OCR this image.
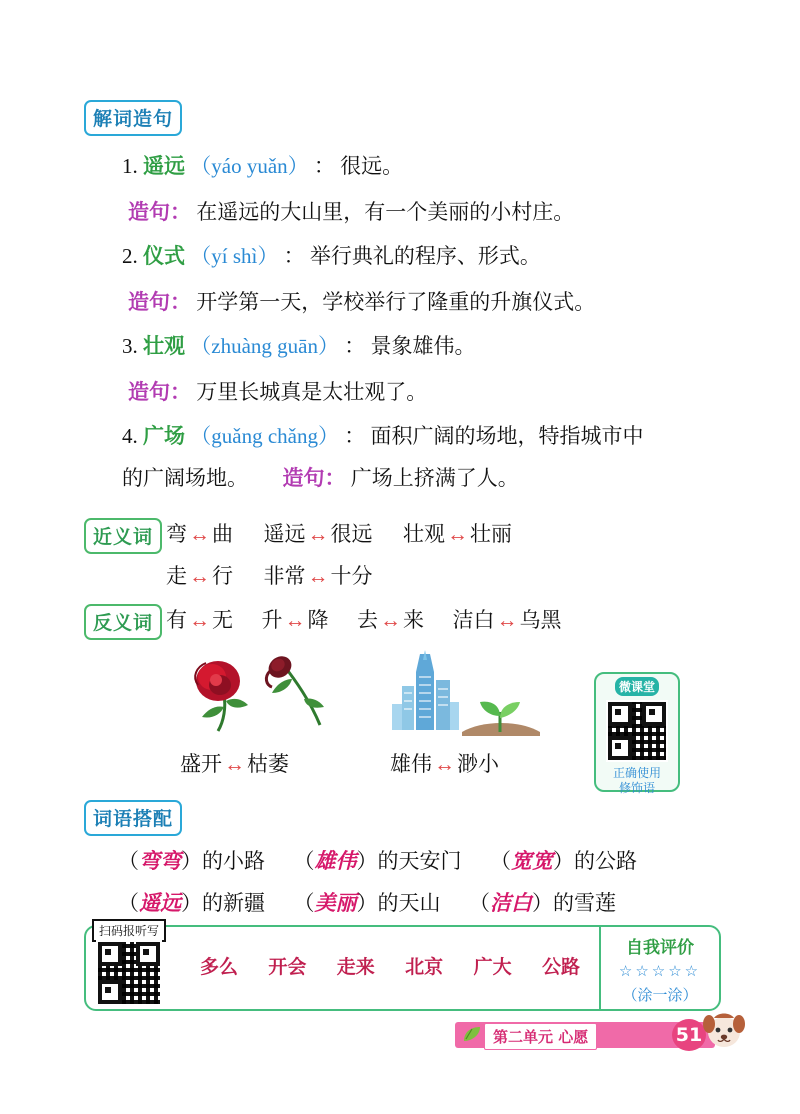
解词造句
1. 遥远 （yáo yuǎn） ： 很远。
造句： 在遥远的大山里，有一个美丽的小村庄。
2. 仪式 （yí shì） ： 举行典礼的程序、形式。
造句： 开学第一天，学校举行了隆重的升旗仪式。
3. 壮观 （zhuàng guān） ： 景象雄伟。
造句： 万里长城真是太壮观了。
4. 广场 （guǎng chǎng） ： 面积广阔的场地，特指城市中
的广阔场地。 造句： 广场上挤满了人。
近义词 弯↔曲 遥远↔很远 壮观↔壮丽
走↔行 非常↔十分
反义词 有↔无 升↔降 去↔来 洁白↔乌黑
盛开↔枯萎	雄伟↔渺小
微课堂
正确使用
修饰语
词语搭配
（弯弯）的小路 （雄伟）的天安门 （宽宽）的公路
（遥远）的新疆 （美丽）的天山 （洁白）的雪莲
自我评价
☆☆☆☆☆
（涂一涂）
扫码报听写
多么 开会 走来 北京 广大 公路
第二单元 心愿	51
